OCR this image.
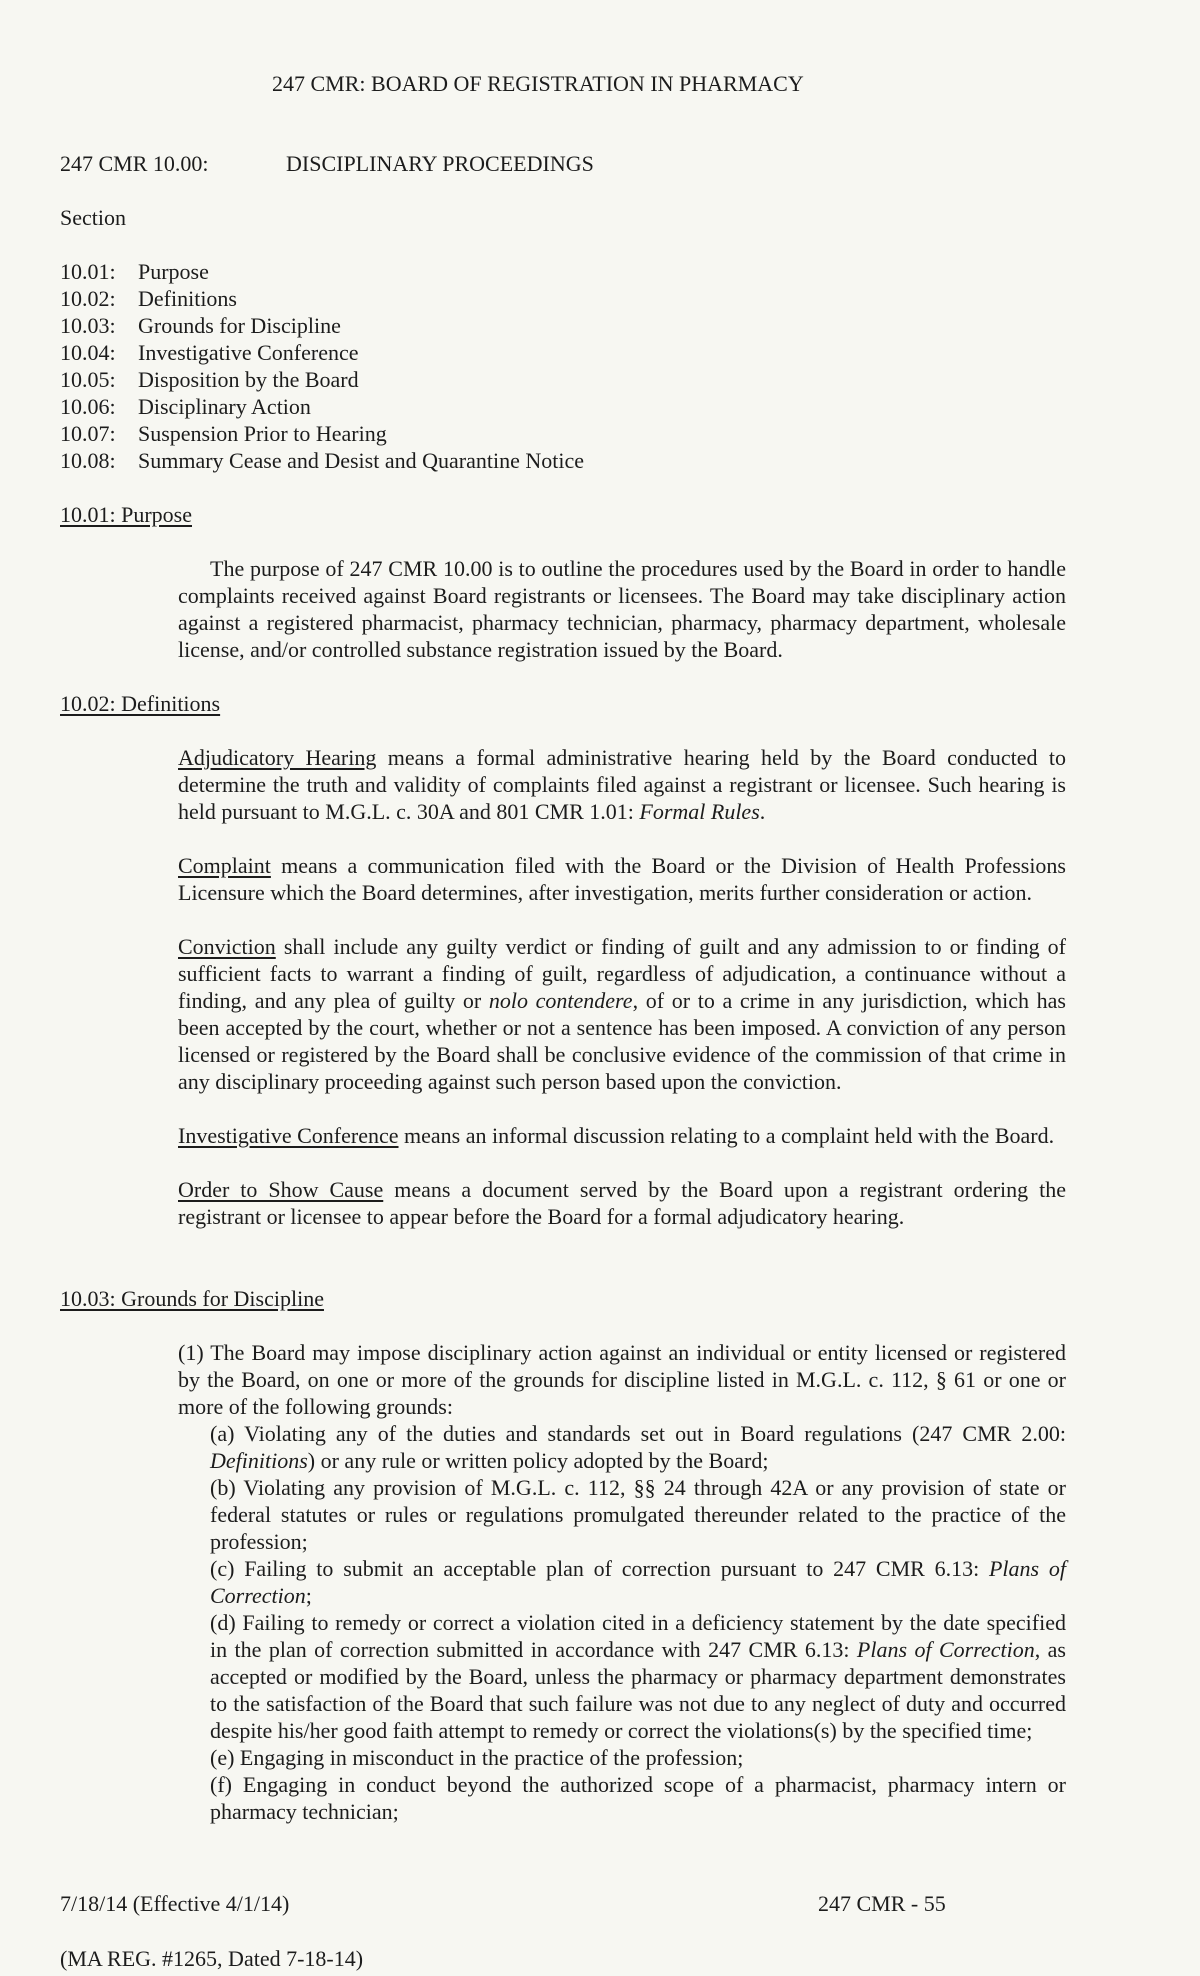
247 CMR: BOARD OF REGISTRATION IN PHARMACY
247 CMR 10.00:	DISCIPLINARY PROCEEDINGS
Section
10.01:	Purpose
10.02:	Definitions
10.03:	Grounds for Discipline
10.04:	Investigative Conference
10.05:	Disposition by the Board
10.06:	Disciplinary Action
10.07:	Suspension Prior to Hearing
10.08:	Summary Cease and Desist and Quarantine Notice
10.01: Purpose

The purpose of 247 CMR 10.00 is to outline the procedures used by the Board in order to handle complaints received against Board registrants or licensees. The Board may take disciplinary action against a registered pharmacist, pharmacy technician, pharmacy, pharmacy department, wholesale license, and/or controlled substance registration issued by the Board.

10.02: Definitions

Adjudicatory Hearing means a formal administrative hearing held by the Board conducted to determine the truth and validity of complaints filed against a registrant or licensee. Such hearing is held pursuant to M.G.L. c. 30A and 801 CMR 1.01: Formal Rules.

Complaint means a communication filed with the Board or the Division of Health Professions Licensure which the Board determines, after investigation, merits further consideration or action.

Conviction shall include any guilty verdict or finding of guilt and any admission to or finding of sufficient facts to warrant a finding of guilt, regardless of adjudication, a continuance without a finding, and any plea of guilty or nolo contendere, of or to a crime in any jurisdiction, which has been accepted by the court, whether or not a sentence has been imposed. A conviction of any person licensed or registered by the Board shall be conclusive evidence of the commission of that crime in any disciplinary proceeding against such person based upon the conviction.

Investigative Conference means an informal discussion relating to a complaint held with the Board.

Order to Show Cause means a document served by the Board upon a registrant ordering the registrant or licensee to appear before the Board for a formal adjudicatory hearing.

10.03: Grounds for Discipline

(1) The Board may impose disciplinary action against an individual or entity licensed or registered by the Board, on one or more of the grounds for discipline listed in M.G.L. c. 112, § 61 or one or more of the following grounds:

(a) Violating any of the duties and standards set out in Board regulations (247 CMR 2.00: Definitions) or any rule or written policy adopted by the Board;

(b) Violating any provision of M.G.L. c. 112, §§ 24 through 42A or any provision of state or federal statutes or rules or regulations promulgated thereunder related to the practice of the profession;

(c) Failing to submit an acceptable plan of correction pursuant to 247 CMR 6.13: Plans of Correction;

(d) Failing to remedy or correct a violation cited in a deficiency statement by the date specified in the plan of correction submitted in accordance with 247 CMR 6.13: Plans of Correction, as accepted or modified by the Board, unless the pharmacy or pharmacy department demonstrates to the satisfaction of the Board that such failure was not due to any neglect of duty and occurred despite his/her good faith attempt to remedy or correct the violations(s) by the specified time;

(e) Engaging in misconduct in the practice of the profession;

(f) Engaging in conduct beyond the authorized scope of a pharmacist, pharmacy intern or pharmacy technician;

7/18/14 (Effective 4/1/14)	247 CMR - 55
(MA REG. #1265, Dated 7-18-14)
